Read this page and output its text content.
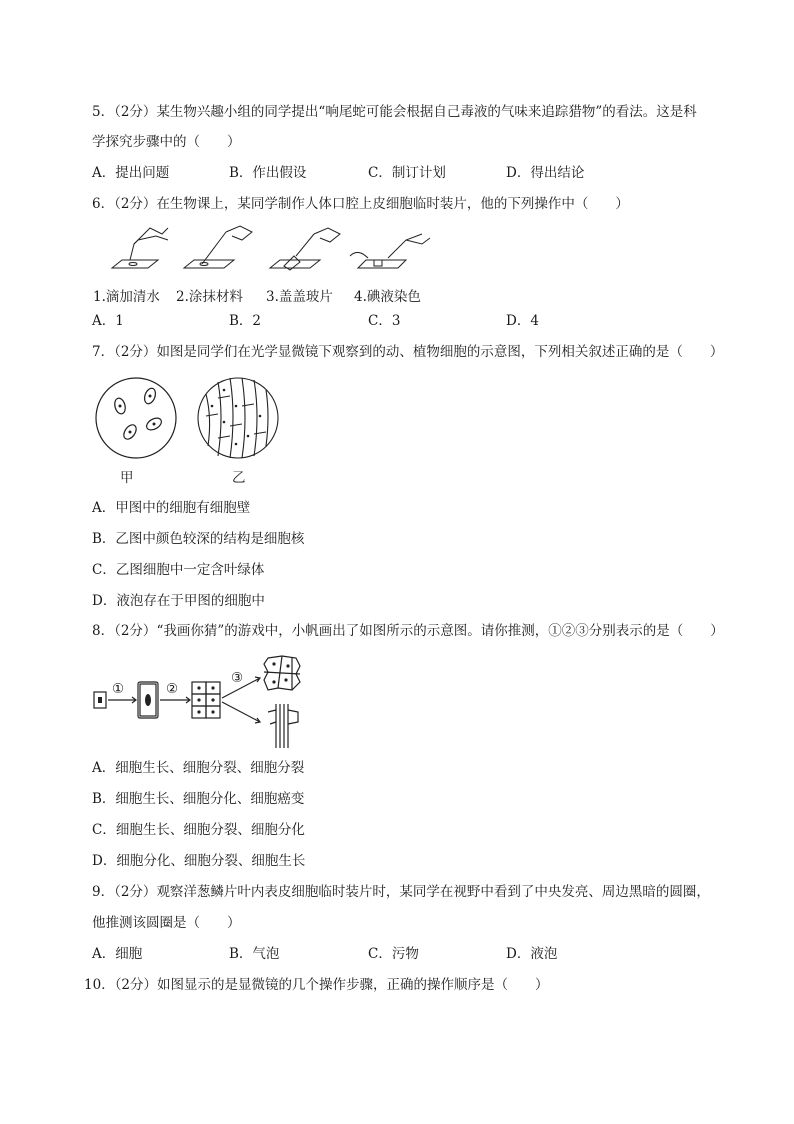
5．（2分）某生物兴趣小组的同学提出“响尾蛇可能会根据自己毒液的气味来追踪猎物”的看法。这是科
学探究步骤中的（　　）
A．提出问题	B．作出假设	C．制订计划	D．得出结论
6．（2分）在生物课上，某同学制作人体口腔上皮细胞临时装片，他的下列操作中（　　）
1.滴加清水 2.涂抹材料 3.盖盖玻片 4.碘液染色
A．1	B．2	C．3	D．4
7．（2分）如图是同学们在光学显微镜下观察到的动、植物细胞的示意图，下列相关叙述正确的是（　　）
甲	乙
A．甲图中的细胞有细胞壁
B．乙图中颜色较深的结构是细胞核
C．乙图细胞中一定含叶绿体
D．液泡存在于甲图的细胞中
8．（2分）“我画你猜”的游戏中，小帆画出了如图所示的示意图。请你推测，①②③分别表示的是（　　）
①	②
③
A．细胞生长、细胞分裂、细胞分裂
B．细胞生长、细胞分化、细胞癌变
C．细胞生长、细胞分裂、细胞分化
D．细胞分化、细胞分裂、细胞生长
9．（2分）观察洋葱鳞片叶内表皮细胞临时装片时，某同学在视野中看到了中央发亮、周边黑暗的圆圈，
他推测该圆圈是（　　）
A．细胞	B．气泡	C．污物	D．液泡
10．（2分）如图显示的是显微镜的几个操作步骤，正确的操作顺序是（　　）
